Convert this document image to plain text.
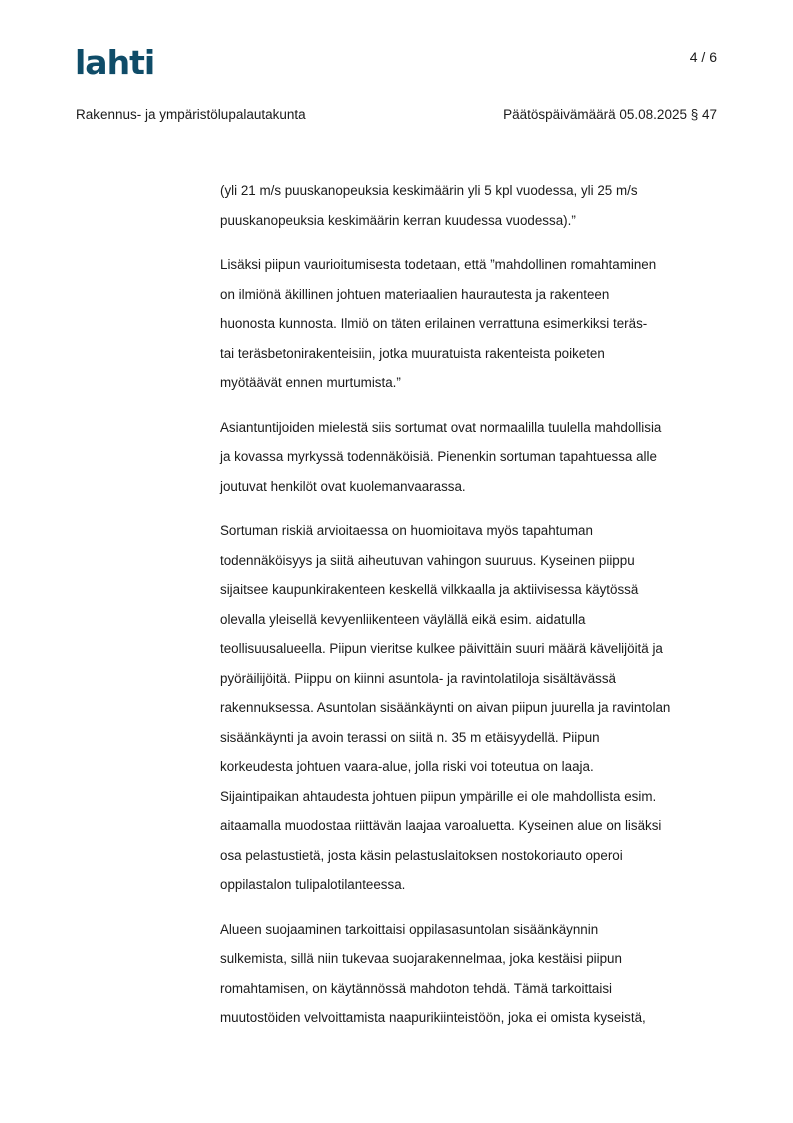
lahti	4 / 6
Rakennus- ja ympäristölupalautakunta	Päätöspäivämäärä 05.08.2025 § 47

(yli 21 m/s puuskanopeuksia keskimäärin yli 5 kpl vuodessa, yli 25 m/s
puuskanopeuksia keskimäärin kerran kuudessa vuodessa).”

Lisäksi piipun vaurioitumisesta todetaan, että ”mahdollinen romahtaminen
on ilmiönä äkillinen johtuen materiaalien haurautesta ja rakenteen
huonosta kunnosta. Ilmiö on täten erilainen verrattuna esimerkiksi teräs-
tai teräsbetonirakenteisiin, jotka muuratuista rakenteista poiketen
myötäävät ennen murtumista.”

Asiantuntijoiden mielestä siis sortumat ovat normaalilla tuulella mahdollisia
ja kovassa myrkyssä todennäköisiä. Pienenkin sortuman tapahtuessa alle
joutuvat henkilöt ovat kuolemanvaarassa.

Sortuman riskiä arvioitaessa on huomioitava myös tapahtuman
todennäköisyys ja siitä aiheutuvan vahingon suuruus. Kyseinen piippu
sijaitsee kaupunkirakenteen keskellä vilkkaalla ja aktiivisessa käytössä
olevalla yleisellä kevyenliikenteen väylällä eikä esim. aidatulla
teollisuusalueella. Piipun vieritse kulkee päivittäin suuri määrä kävelijöitä ja
pyöräilijöitä. Piippu on kiinni asuntola- ja ravintolatiloja sisältävässä
rakennuksessa. Asuntolan sisäänkäynti on aivan piipun juurella ja ravintolan
sisäänkäynti ja avoin terassi on siitä n. 35 m etäisyydellä. Piipun
korkeudesta johtuen vaara-alue, jolla riski voi toteutua on laaja.
Sijaintipaikan ahtaudesta johtuen piipun ympärille ei ole mahdollista esim.
aitaamalla muodostaa riittävän laajaa varoaluetta. Kyseinen alue on lisäksi
osa pelastustietä, josta käsin pelastuslaitoksen nostokoriauto operoi
oppilastalon tulipalotilanteessa.

Alueen suojaaminen tarkoittaisi oppilasasuntolan sisäänkäynnin
sulkemista, sillä niin tukevaa suojarakennelmaa, joka kestäisi piipun
romahtamisen, on käytännössä mahdoton tehdä. Tämä tarkoittaisi
muutostöiden velvoittamista naapurikiinteistöön, joka ei omista kyseistä,
